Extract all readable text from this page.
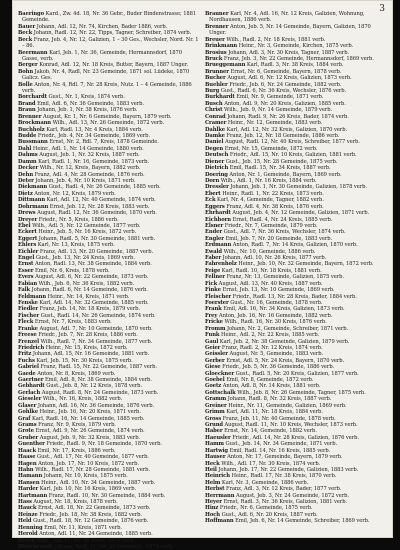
3

Baeringo Kard., Zw. 4d. 18, Nr. 36 Gebr., Buder Bindenstrasse; 1881 Gemeinde.

Bauer Johann, Adl. 12, Nr. 74, Kirchen, Bader 1886, verb.

Beck Johann, Radl. 12, Nr. 22, Tipps, Tagner, Schreiber, 1874 verb.

Beck Franz, Jeb. 4, Nr. 12, Galizien, 1 – 30 Ges., Wechsler, Nord. Nr. 1 – 86.

Beermann Karl, Jeb. 1, Nr. 36, Gemeinde, Hermannsdorf, 1870 Gasse, verb.

Berger Konrad, Adl. 12, Nr. 18 Kreis, Butter, Bayern, 1887 Unger.

Bohn Jakob, Nr. 4, Radl, Nr. 23 Gemeinde, 1871 sol. Lüdeke, 1870 Galicz. Ges.

Bolle Anton, Nr. 4, Rdl. 7, Nr. 28 Kreis, Nutz. 1 – 4 Gemeinde, 1886 verb.

Borchardt Gust., Nr. 1, Kreis, 1874 verb.

Brand Emil, Adl. 6, Nr. 36 Gemeinde, 1883 verb.

Braun Johann, Jeb. 1, Nr. 38 Kreis, 1876 verb.

Brenner August, Kr. 1, Nr. 6 Gemeinde, Bayern, 1879 verb.

Brockmann Wilh., Adl. 13, Nr. 26 Gemeinde, 1872 verb.

Buchholz Karl, Radl. 13, Nr. 4 Kreis, 1884 verb.

Budde Friedr., Jeb. 4, Nr. 34 Gemeinde, 1869 verb.

Bussmann Ernst, Nr. 2, Rdl. 7, Kreis, 1878 Gemeinde.

Dahl Heinr., Adl. 1, Nr. 14 Gemeinde, 1880 verb.

Dahms August, Jeb. 1, Nr. 32 Kreis, 1887 verb.

Damm Karl, Radl. 1, Nr. 16, Gemeinde, 1873 verb.

Decker Wilh., Nr. 12, Kreis, Bayern, 1882 verb.

Dehn Franz, Adl. 4, Nr. 28 Gemeinde, 1876 verb.

Deter Johann, Jeb. 4, Nr. 10 Kreis, 1871 verb.

Diekmann Gust., Radl. 4, Nr. 26 Gemeinde, 1885 verb.

Dietz Anton, Nr. 12, Kreis, 1879 verb.

Dittmann Karl, Adl. 12, Nr. 40 Gemeinde, 1874 verb.

Dohrmann Ernst, Jeb. 12, Nr. 28 Kreis, 1883 verb.

Drews August, Radl. 12, Nr. 36 Gemeinde, 1870 verb.

Dreyer Friedr., Nr. 5, Kreis, 1886 verb.

Ebel Wilh., Adl. 5, Nr. 12 Gemeinde, 1877 verb.

Eckert Heinr., Jeb. 5, Nr. 16 Kreis, 1872 verb.

Eggert Johann, Radl. 5, Nr. 30 Gemeinde, 1881 verb.

Ehlers Karl, Nr. 13, Kreis, 1875 verb.

Eichler Franz, Adl. 13, Nr. 20 Gemeinde, 1887 verb.

Engel Gust., Jeb. 13, Nr. 24 Kreis, 1869 verb.

Ernst Anton, Radl. 13, Nr. 38 Gemeinde, 1884 verb.

Esser Emil, Nr. 6, Kreis, 1878 verb.

Evers August, Adl. 6, Nr. 22 Gemeinde, 1873 verb.

Fabian Wilh., Jeb. 6, Nr. 36 Kreis, 1882 verb.

Falk Johann, Radl. 6, Nr. 14 Gemeinde, 1876 verb.

Feldmann Heinr., Nr. 14, Kreis, 1871 verb.

Fenske Karl, Adl. 14, Nr. 32 Gemeinde, 1885 verb.

Fiedler Franz, Jeb. 14, Nr. 18 Kreis, 1879 verb.

Fischer Gust., Radl. 14, Nr. 26 Gemeinde, 1874 verb.

Fleck Ernst, Nr. 7, Kreis, 1883 verb.

Franke August, Adl. 7, Nr. 10 Gemeinde, 1870 verb.

Freese Friedr., Jeb. 7, Nr. 28 Kreis, 1886 verb.

Frenzel Wilh., Radl. 7, Nr. 34 Gemeinde, 1877 verb.

Friedrich Heinr., Nr. 15, Kreis, 1872 verb.

Fritz Johann, Adl. 15, Nr. 16 Gemeinde, 1881 verb.

Fuchs Karl, Jeb. 15, Nr. 30 Kreis, 1875 verb.

Gabriel Franz, Radl. 15, Nr. 22 Gemeinde, 1887 verb.

Gaede Anton, Nr. 8, Kreis, 1869 verb.

Gaertner Emil, Adl. 8, Nr. 38 Gemeinde, 1884 verb.

Gebhardt Gust., Jeb. 8, Nr. 12 Kreis, 1878 verb.

Gerlach August, Radl. 8, Nr. 24 Gemeinde, 1873 verb.

Gieseler Wilh., Nr. 16, Kreis, 1882 verb.

Glaser Johann, Adl. 16, Nr. 36 Gemeinde, 1876 verb.

Gohlke Heinr., Jeb. 16, Nr. 20 Kreis, 1871 verb.

Graf Karl, Radl. 16, Nr. 14 Gemeinde, 1885 verb.

Grams Franz, Nr. 9, Kreis, 1879 verb.

Grote Ernst, Adl. 9, Nr. 26 Gemeinde, 1874 verb.

Gruber August, Jeb. 9, Nr. 32 Kreis, 1883 verb.

Guenther Friedr., Radl. 9, Nr. 18 Gemeinde, 1870 verb.

Haack Emil, Nr. 17, Kreis, 1886 verb.

Haase Gust., Adl. 17, Nr. 40 Gemeinde, 1877 verb.

Hagen Anton, Jeb. 17, Nr. 10 Kreis, 1872 verb.

Hahn Wilh., Radl. 17, Nr. 28 Gemeinde, 1881 verb.

Hamann Johann, Nr. 10, Kreis, 1875 verb.

Hansen Heinr., Adl. 10, Nr. 34 Gemeinde, 1887 verb.

Harder Karl, Jeb. 10, Nr. 16 Kreis, 1869 verb.

Hartmann Franz, Radl. 10, Nr. 30 Gemeinde, 1884 verb.

Hass August, Nr. 18, Kreis, 1878 verb.

Hauck Ernst, Adl. 18, Nr. 22 Gemeinde, 1873 verb.

Heinze Friedr., Jeb. 18, Nr. 38 Kreis, 1882 verb.

Held Gust., Radl. 18, Nr. 12 Gemeinde, 1876 verb.

Henning Emil, Nr. 11, Kreis, 1871 verb.

Herold Anton, Adl. 11, Nr. 24 Gemeinde, 1885 verb.

Hesse Wilh., Jeb. 11, Nr. 36 Kreis, 1879 verb.

Hildebrandt Johann, Radl. 11, Nr. 20 Gemeinde, 1874 verb.

Brauner Karl, Nr. 4, Adl. 16, Nr. 12 Kreis, Galizien, Wohnung, Nordhausen, 1886 verb.

Brenner Anton, Jeb. 5, Nr. 14 Gemeinde, Bayern, Galizien, 1870 Unger.

Breuer Wilh., Radl. 2, Nr. 18 Kreis, 1881 verb.

Brinkmann Heinr., Nr. 3, Gemeinde, Kirchen, 1875 verb.

Brosius Johann, Adl. 3, Nr. 30 Kreis, Tagner, 1887 verb.

Bruck Franz, Jeb. 3, Nr. 22 Gemeinde, Hermannsdorf, 1869 verb.

Brueggemann Karl, Radl. 3, Nr. 38 Kreis, 1884 verb.

Brunner Ernst, Nr. 6, Gemeinde, Bayern, 1878 verb.

Bucher August, Adl. 6, Nr. 12 Kreis, Galizien, 1873 verb.

Buehler Friedr., Jeb. 6, Nr. 24 Gemeinde, 1882 verb.

Burg Gust., Radl. 6, Nr. 36 Kreis, Wechsler, 1876 verb.

Burkhardt Emil, Nr. 9, Gemeinde, 1871 verb.

Busch Anton, Adl. 9, Nr. 20 Kreis, Galizien, 1885 verb.

Christ Wilh., Jeb. 9, Nr. 14 Gemeinde, 1879 verb.

Conrad Johann, Radl. 9, Nr. 26 Kreis, Bader, 1874 verb.

Cramer Heinr., Nr. 12, Gemeinde, 1883 verb.

Dahlke Karl, Adl. 12, Nr. 32 Kreis, Galizien, 1870 verb.

Damke Franz, Jeb. 12, Nr. 18 Gemeinde, 1886 verb.

Daniel August, Radl. 12, Nr. 40 Kreis, Schreiber, 1877 verb.

Degen Ernst, Nr. 15, Gemeinde, 1872 verb.

Deutsch Friedr., Adl. 15, Nr. 10 Kreis, Galizien, 1881 verb.

Diener Gust., Jeb. 15, Nr. 28 Gemeinde, 1875 verb.

Dietrich Emil, Radl. 15, Nr. 34 Kreis, 1887 verb.

Doering Anton, Nr. 1, Gemeinde, Bayern, 1869 verb.

Dorn Wilh., Adl. 1, Nr. 16 Kreis, 1884 verb.

Dressler Johann, Jeb. 1, Nr. 30 Gemeinde, Galizien, 1878 verb.

Ebert Heinr., Radl. 1, Nr. 22 Kreis, 1873 verb.

Eck Karl, Nr. 4, Gemeinde, Tagner, 1882 verb.

Eggers Franz, Adl. 4, Nr. 38 Kreis, 1876 verb.

Ehrhardt August, Jeb. 4, Nr. 12 Gemeinde, Galizien, 1871 verb.

Eichhorn Ernst, Radl. 4, Nr. 24 Kreis, 1885 verb.

Elsner Friedr., Nr. 7, Gemeinde, 1879 verb.

Ender Gust., Adl. 7, Nr. 36 Kreis, Wechsler, 1874 verb.

Engler Emil, Jeb. 7, Nr. 20 Gemeinde, 1883 verb.

Erdmann Anton, Radl. 7, Nr. 14 Kreis, Galizien, 1870 verb.

Ewald Wilh., Nr. 10, Gemeinde, 1886 verb.

Faber Johann, Adl. 10, Nr. 26 Kreis, 1877 verb.

Fahrenholz Heinr., Jeb. 10, Nr. 32 Gemeinde, Bayern, 1872 verb.

Feige Karl, Radl. 10, Nr. 18 Kreis, 1881 verb.

Fellner Franz, Nr. 13, Gemeinde, Galizien, 1875 verb.

Fick August, Adl. 13, Nr. 40 Kreis, 1887 verb.

Finke Ernst, Jeb. 13, Nr. 10 Gemeinde, 1869 verb.

Fleischer Friedr., Radl. 13, Nr. 28 Kreis, Bader, 1884 verb.

Foerster Gust., Nr. 16, Gemeinde, 1878 verb.

Frank Emil, Adl. 16, Nr. 34 Kreis, Galizien, 1873 verb.

Frey Anton, Jeb. 16, Nr. 16 Gemeinde, 1882 verb.

Fricke Wilh., Radl. 16, Nr. 30 Kreis, 1876 verb.

Fromm Johann, Nr. 2, Gemeinde, Schreiber, 1871 verb.

Funk Heinr., Adl. 2, Nr. 22 Kreis, 1885 verb.

Gaul Karl, Jeb. 2, Nr. 38 Gemeinde, Galizien, 1879 verb.

Geier Franz, Radl. 2, Nr. 12 Kreis, 1874 verb.

Geissler August, Nr. 5, Gemeinde, 1883 verb.

Gerber Ernst, Adl. 5, Nr. 24 Kreis, Bayern, 1870 verb.

Giese Friedr., Jeb. 5, Nr. 36 Gemeinde, 1886 verb.

Gloeckner Gust., Radl. 5, Nr. 20 Kreis, Galizien, 1877 verb.

Goebel Emil, Nr. 8, Gemeinde, 1872 verb.

Goetz Anton, Adl. 8, Nr. 14 Kreis, 1881 verb.

Gottschalk Wilh., Jeb. 8, Nr. 26 Gemeinde, Tagner, 1875 verb.

Gramm Johann, Radl. 8, Nr. 32 Kreis, 1887 verb.

Greiner Heinr., Nr. 11, Gemeinde, Galizien, 1869 verb.

Grimm Karl, Adl. 11, Nr. 18 Kreis, 1884 verb.

Gross Franz, Jeb. 11, Nr. 40 Gemeinde, 1878 verb.

Grund August, Radl. 11, Nr. 10 Kreis, Wechsler, 1873 verb.

Haber Ernst, Nr. 14, Gemeinde, 1882 verb.

Haeusler Friedr., Adl. 14, Nr. 28 Kreis, Galizien, 1876 verb.

Hamm Gust., Jeb. 14, Nr. 34 Gemeinde, 1871 verb.

Hartwig Emil, Radl. 14, Nr. 16 Kreis, 1885 verb.

Hauser Anton, Nr. 17, Gemeinde, Bayern, 1879 verb.

Heck Wilh., Adl. 17, Nr. 30 Kreis, 1874 verb.

Heil Johann, Jeb. 17, Nr. 22 Gemeinde, Galizien, 1883 verb.

Heinrich Heinr., Radl. 17, Nr. 38 Kreis, 1870 verb.

Helm Karl, Nr. 3, Gemeinde, 1886 verb.

Herbst Franz, Adl. 3, Nr. 12 Kreis, Bader, 1877 verb.

Herrmann August, Jeb. 3, Nr. 24 Gemeinde, 1872 verb.

Heyer Ernst, Radl. 3, Nr. 36 Kreis, Galizien, 1881 verb.

Hinz Friedr., Nr. 6, Gemeinde, 1875 verb.

Hoch Gust., Adl. 6, Nr. 20 Kreis, 1887 verb.

Hoffmann Emil, Jeb. 6, Nr. 14 Gemeinde, Schreiber, 1869 verb.
